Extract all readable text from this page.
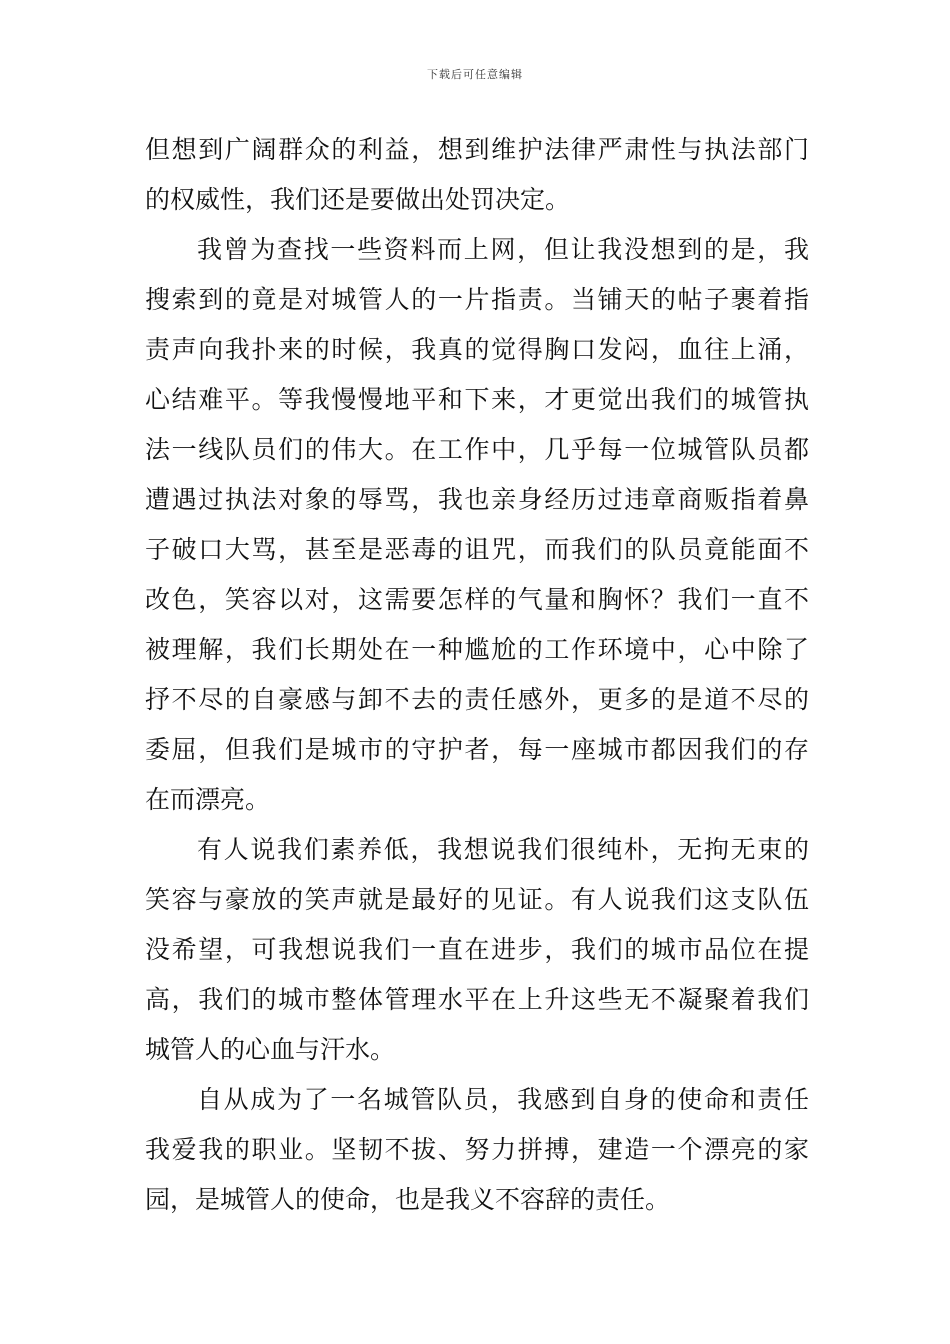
下载后可任意编辑
但想到广阔群众的利益，想到维护法律严肃性与执法部门
的权威性，我们还是要做出处罚决定。
我曾为查找一些资料而上网，但让我没想到的是，我
搜索到的竟是对城管人的一片指责。当铺天的帖子裹着指
责声向我扑来的时候，我真的觉得胸口发闷，血往上涌，
心结难平。等我慢慢地平和下来，才更觉出我们的城管执
法一线队员们的伟大。在工作中，几乎每一位城管队员都
遭遇过执法对象的辱骂，我也亲身经历过违章商贩指着鼻
子破口大骂，甚至是恶毒的诅咒，而我们的队员竟能面不
改色，笑容以对，这需要怎样的气量和胸怀？我们一直不
被理解，我们长期处在一种尴尬的工作环境中，心中除了
抒不尽的自豪感与卸不去的责任感外，更多的是道不尽的
委屈，但我们是城市的守护者，每一座城市都因我们的存
在而漂亮。
有人说我们素养低，我想说我们很纯朴，无拘无束的
笑容与豪放的笑声就是最好的见证。有人说我们这支队伍
没希望，可我想说我们一直在进步，我们的城市品位在提
高，我们的城市整体管理水平在上升这些无不凝聚着我们
城管人的心血与汗水。
自从成为了一名城管队员，我感到自身的使命和责任
我爱我的职业。坚韧不拔、努力拼搏，建造一个漂亮的家
园，是城管人的使命，也是我义不容辞的责任。
